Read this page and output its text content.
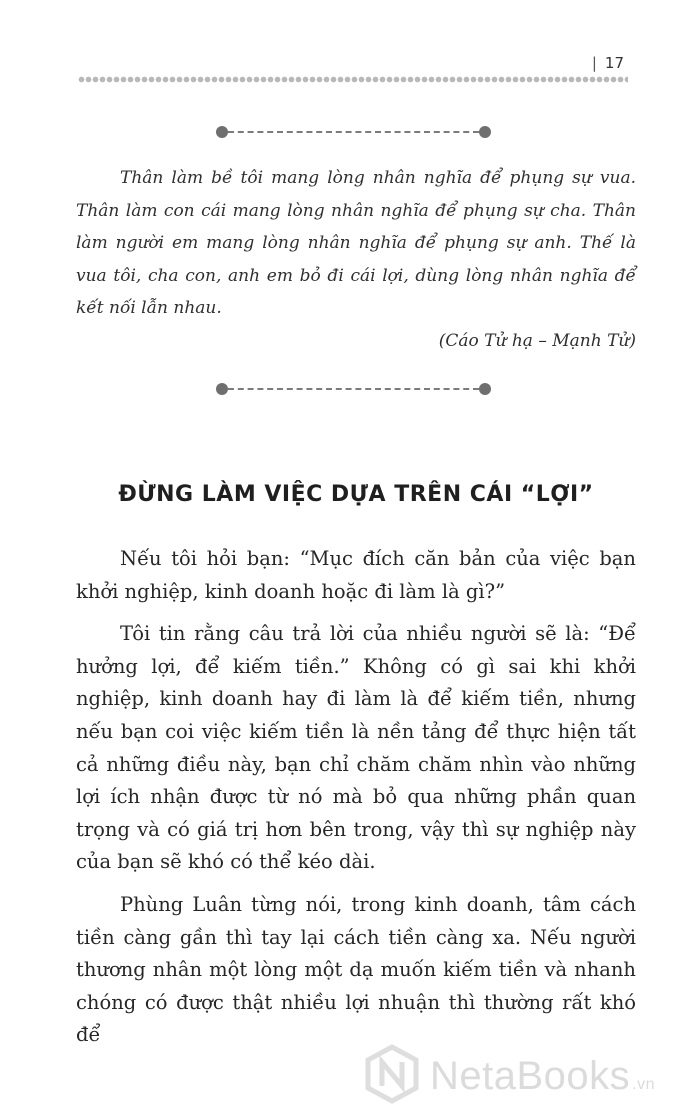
| 17

Thân làm bề tôi mang lòng nhân nghĩa để phụng sự vua. Thân làm con cái mang lòng nhân nghĩa để phụng sự cha. Thân làm người em mang lòng nhân nghĩa để phụng sự anh. Thế là vua tôi, cha con, anh em bỏ đi cái lợi, dùng lòng nhân nghĩa để kết nối lẫn nhau.

(Cáo Tử hạ – Mạnh Tử)
ĐỪNG LÀM VIỆC DỰA TRÊN CÁI “LỢI”

Nếu tôi hỏi bạn: “Mục đích căn bản của việc bạn khởi nghiệp, kinh doanh hoặc đi làm là gì?”

Tôi tin rằng câu trả lời của nhiều người sẽ là: “Để hưởng lợi, để kiếm tiền.” Không có gì sai khi khởi nghiệp, kinh doanh hay đi làm là để kiếm tiền, nhưng nếu bạn coi việc kiếm tiền là nền tảng để thực hiện tất cả những điều này, bạn chỉ chăm chăm nhìn vào những lợi ích nhận được từ nó mà bỏ qua những phần quan trọng và có giá trị hơn bên trong, vậy thì sự nghiệp này của bạn sẽ khó có thể kéo dài.

Phùng Luân từng nói, trong kinh doanh, tâm cách tiền càng gần thì tay lại cách tiền càng xa. Nếu người thương nhân một lòng một dạ muốn kiếm tiền và nhanh chóng có được thật nhiều lợi nhuận thì thường rất khó để

NetaBooks .vn
